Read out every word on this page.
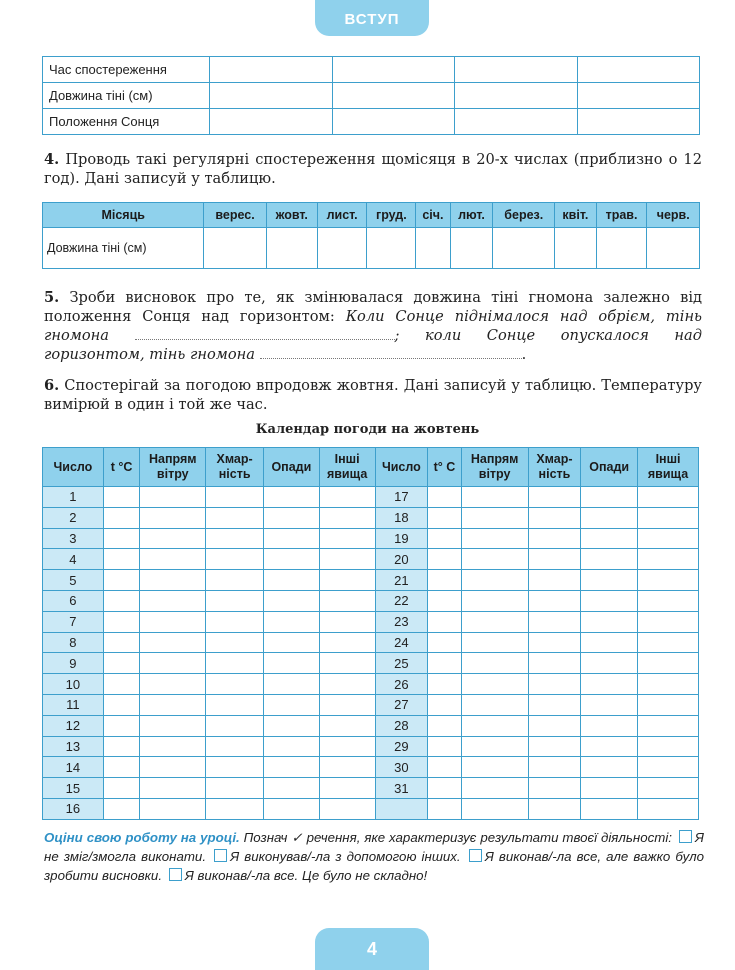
ВСТУП
Час спостереження				
Довжина тіні (см)				
Положення Сонця				
4. Проводь такі регулярні спостереження щомісяця в 20-х числах (приблизно о 12 год). Дані записуй у таблицю.
Місяць	верес.	жовт.	лист.	груд.	січ.	лют.	берез.	квіт.	трав.	черв.
Довжина тіні (см)										
5. Зроби висновок про те, як змінювалася довжина тіні гномона залежно від положення Сонця над горизонтом: Коли Сонце піднімалося над обрієм, тінь гномона	; коли Сонце опускалося над горизонтом, тінь гномона	.
6. Спостерігай за погодою впродовж жовтня. Дані записуй у таблицю. Температуру вимірюй в один і той же час.
Календар погоди на жовтень
Число	t °C	Напрям вітру	Хмарність	Опади	Інші явища	Число	t° C	Напрям вітру	Хмарність	Опади	Інші явища
1						17					
2						18					
3						19					
4						20					
5						21					
6						22					
7						23					
8						24					
9						25					
10						26					
11						27					
12						28					
13						29					
14						30					
15						31					
16											
Оціни свою роботу на уроці. Познач ✓ речення, яке характеризує результати твоєї діяльності: Я не зміг/змогла виконати. Я виконував/-ла з допомогою інших. Я виконав/-ла все, але важко було зробити висновки. Я виконав/-ла все. Це було не складно!
4
